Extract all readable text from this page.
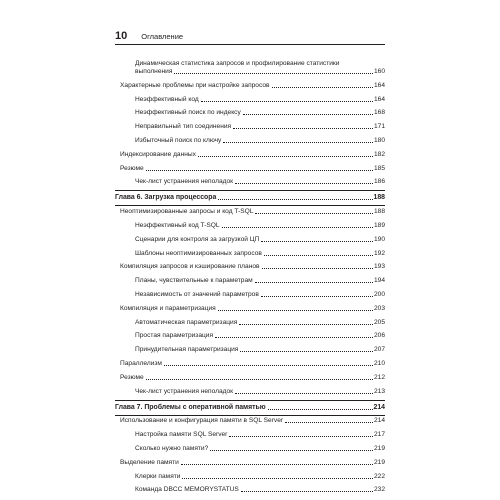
10 Оглавление
Динамическая статистика запросов и профилирование статистики
выполнения	160
Характерные проблемы при настройке запросов	164
Неэффективный код	164
Неэффективный поиск по индексу	168
Неправильный тип соединения	171
Избыточный поиск по ключу	180
Индексирование данных	182
Резюме	185
Чек-лист устранения неполадок	186
Глава 6. Загрузка процессора	188
Неоптимизированные запросы и код T-SQL	188
Неэффективный код T-SQL	189
Сценарии для контроля за загрузкой ЦП	190
Шаблоны неоптимизированных запросов	192
Компиляция запросов и кэширование планов	193
Планы, чувствительные к параметрам	194
Независимость от значений параметров	200
Компиляция и параметризация	203
Автоматическая параметризация	205
Простая параметризация	206
Принудительная параметризация	207
Параллелизм	210
Резюме	212
Чек-лист устранения неполадок	213
Глава 7. Проблемы с оперативной памятью	214
Использование и конфигурация памяти в SQL Server	214
Настройка памяти SQL Server	217
Сколько нужно памяти?	219
Выделение памяти	219
Клерки памяти	222
Команда DBCC MEMORYSTATUS	232
